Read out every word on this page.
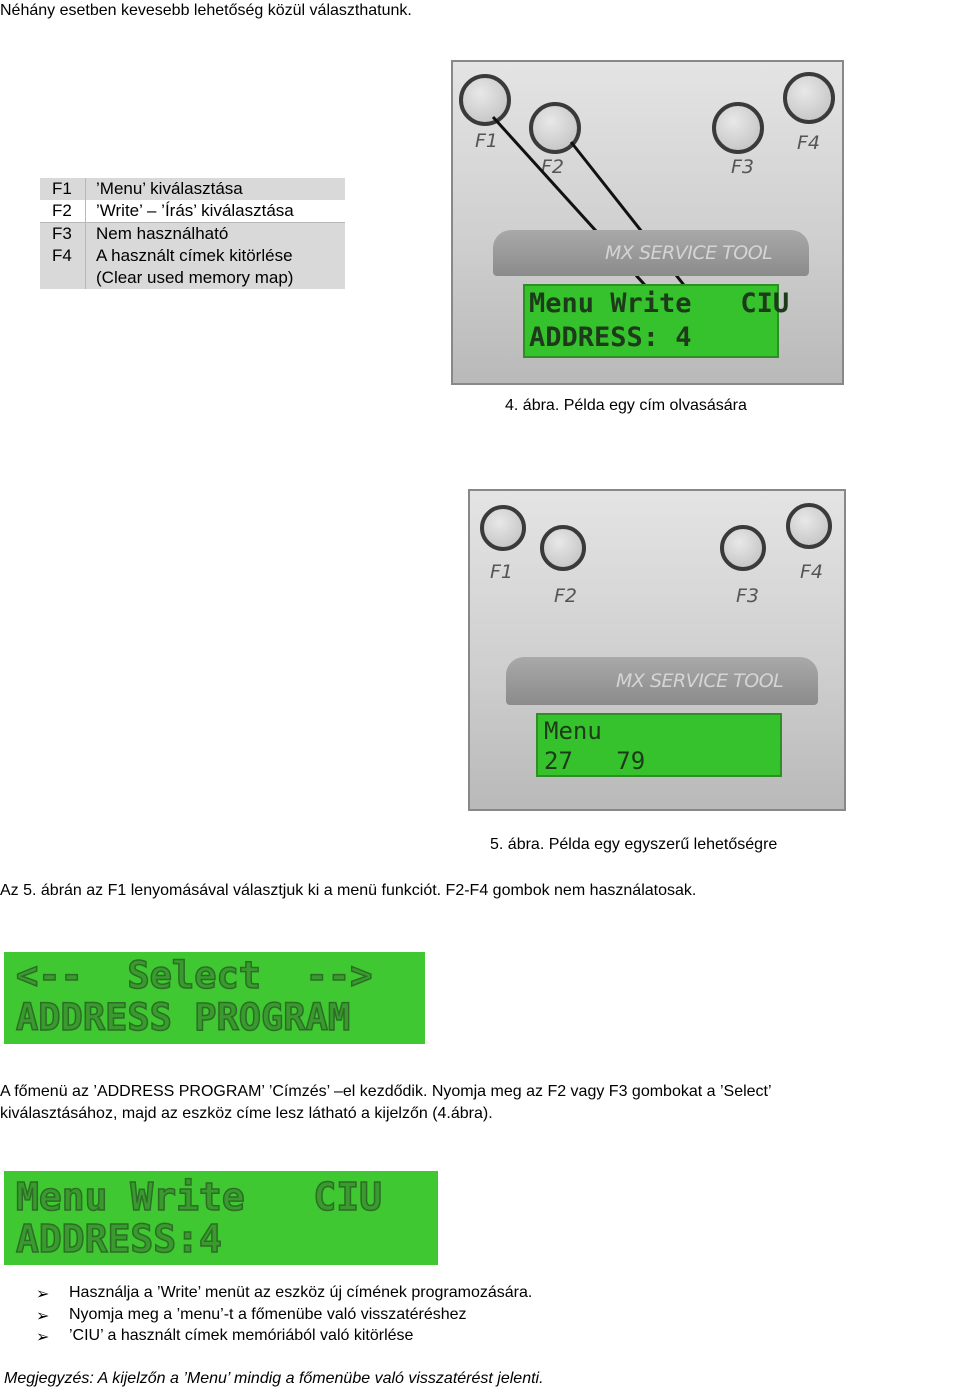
Néhány esetben kevesebb lehetőség közül választhatunk.
F1	’Menu’ kiválasztása
F2	’Write’ – ’Írás’ kiválasztása
F3	Nem használható
F4	A használt címek kitörlése
	(Clear used memory map)
F1
F2	F3
F4
MX SERVICE TOOL
Menu Write   CIU
ADDRESS: 4
4. ábra. Példa egy cím olvasására
F1
F2	F3
F4
MX SERVICE TOOL
Menu
27   79
5. ábra. Példa egy egyszerű lehetőségre
Az 5. ábrán az F1 lenyomásával választjuk ki a menü funkciót. F2-F4 gombok nem használatosak.
<--  Select  -->
ADDRESS PROGRAM
A főmenü az ’ADDRESS PROGRAM’ ’Címzés’ –el kezdődik. Nyomja meg az F2 vagy F3 gombokat a ’Select’
kiválasztásához, majd az eszköz címe lesz látható a kijelzőn (4.ábra).
Menu Write   CIU
ADDRESS:4
➢ Használja a ’Write’ menüt az eszköz új címének programozására.
➢ Nyomja meg a ’menu’-t a főmenübe való visszatéréshez
➢ ’CIU’ a használt címek memóriából való kitörlése
Megjegyzés: A kijelzőn a ’Menu’ mindig a főmenübe való visszatérést jelenti.
